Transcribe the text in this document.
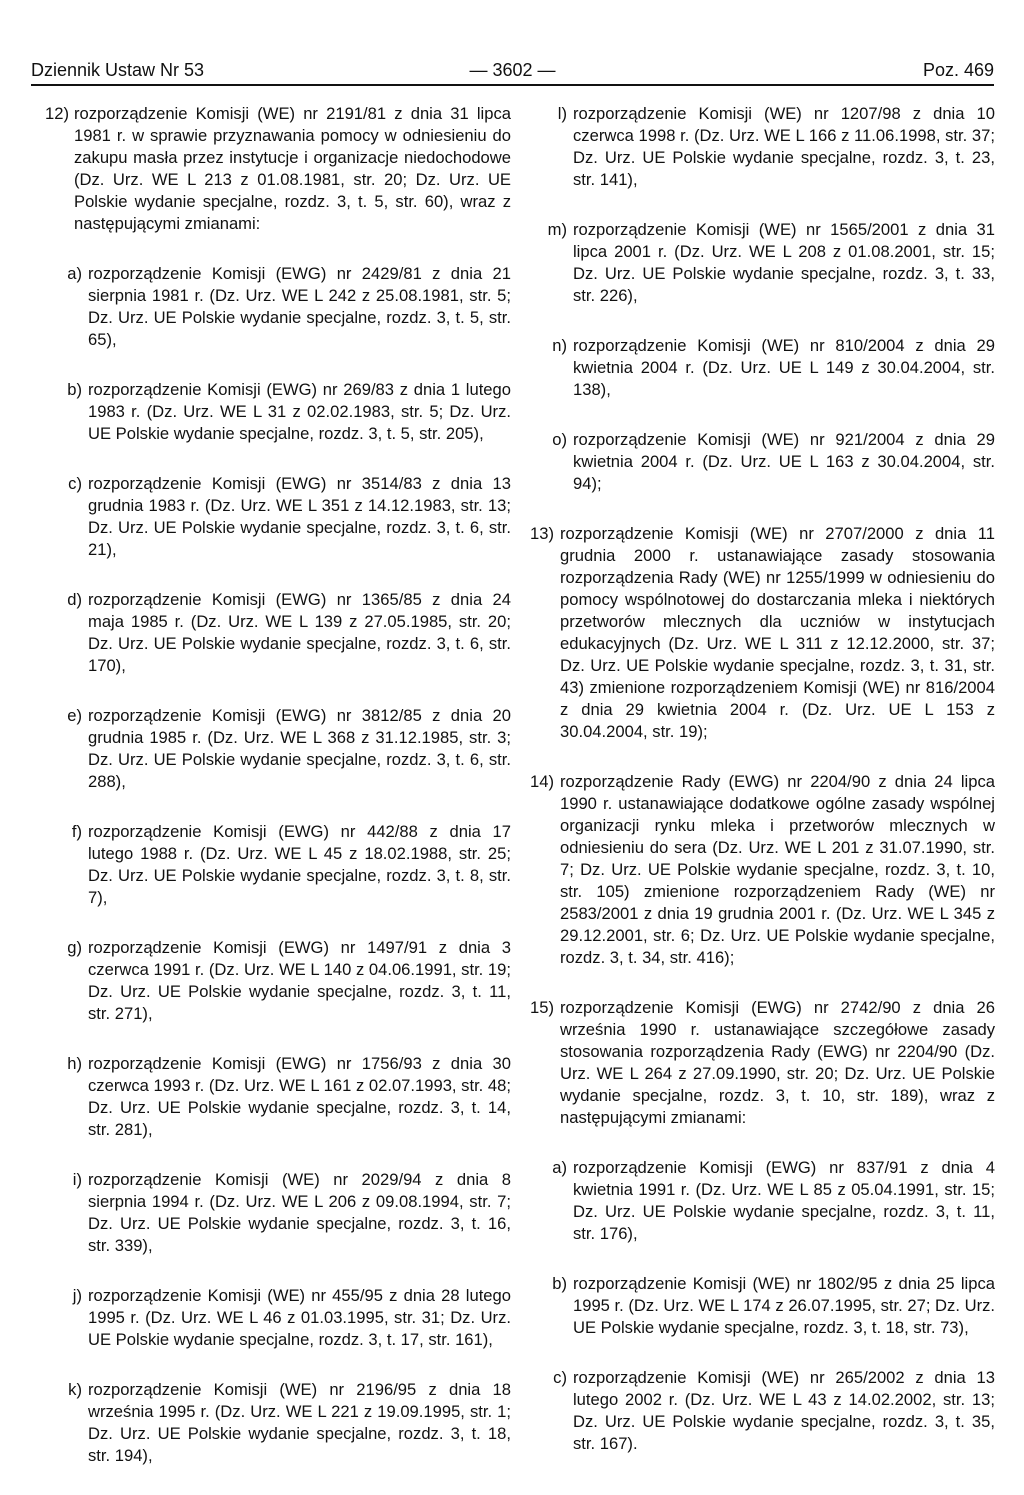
Dziennik Ustaw Nr 53	— 3602 —	Poz. 469
12) rozporządzenie Komisji (WE) nr 2191/81 z dnia 31 lipca 1981 r. w sprawie przyznawania pomocy w odniesieniu do zakupu masła przez instytucje i organizacje niedochodowe (Dz. Urz. WE L 213 z 01.08.1981, str. 20; Dz. Urz. UE Polskie wydanie specjalne, rozdz. 3, t. 5, str. 60), wraz z następującymi zmianami:
a) rozporządzenie Komisji (EWG) nr 2429/81 z dnia 21 sierpnia 1981 r. (Dz. Urz. WE L 242 z 25.08.1981, str. 5; Dz. Urz. UE Polskie wydanie specjalne, rozdz. 3, t. 5, str. 65),
b) rozporządzenie Komisji (EWG) nr 269/83 z dnia 1 lutego 1983 r. (Dz. Urz. WE L 31 z 02.02.1983, str. 5; Dz. Urz. UE Polskie wydanie specjalne, rozdz. 3, t. 5, str. 205),
c) rozporządzenie Komisji (EWG) nr 3514/83 z dnia 13 grudnia 1983 r. (Dz. Urz. WE L 351 z 14.12.1983, str. 13; Dz. Urz. UE Polskie wydanie specjalne, rozdz. 3, t. 6, str. 21),
d) rozporządzenie Komisji (EWG) nr 1365/85 z dnia 24 maja 1985 r. (Dz. Urz. WE L 139 z 27.05.1985, str. 20; Dz. Urz. UE Polskie wydanie specjalne, rozdz. 3, t. 6, str. 170),
e) rozporządzenie Komisji (EWG) nr 3812/85 z dnia 20 grudnia 1985 r. (Dz. Urz. WE L 368 z 31.12.1985, str. 3; Dz. Urz. UE Polskie wydanie specjalne, rozdz. 3, t. 6, str. 288),
f) rozporządzenie Komisji (EWG) nr 442/88 z dnia 17 lutego 1988 r. (Dz. Urz. WE L 45 z 18.02.1988, str. 25; Dz. Urz. UE Polskie wydanie specjalne, rozdz. 3, t. 8, str. 7),
g) rozporządzenie Komisji (EWG) nr 1497/91 z dnia 3 czerwca 1991 r. (Dz. Urz. WE L 140 z 04.06.1991, str. 19; Dz. Urz. UE Polskie wydanie specjalne, rozdz. 3, t. 11, str. 271),
h) rozporządzenie Komisji (EWG) nr 1756/93 z dnia 30 czerwca 1993 r. (Dz. Urz. WE L 161 z 02.07.1993, str. 48; Dz. Urz. UE Polskie wydanie specjalne, rozdz. 3, t. 14, str. 281),
i) rozporządzenie Komisji (WE) nr 2029/94 z dnia 8 sierpnia 1994 r. (Dz. Urz. WE L 206 z 09.08.1994, str. 7; Dz. Urz. UE Polskie wydanie specjalne, rozdz. 3, t. 16, str. 339),
j) rozporządzenie Komisji (WE) nr 455/95 z dnia 28 lutego 1995 r. (Dz. Urz. WE L 46 z 01.03.1995, str. 31; Dz. Urz. UE Polskie wydanie specjalne, rozdz. 3, t. 17, str. 161),
k) rozporządzenie Komisji (WE) nr 2196/95 z dnia 18 września 1995 r. (Dz. Urz. WE L 221 z 19.09.1995, str. 1; Dz. Urz. UE Polskie wydanie specjalne, rozdz. 3, t. 18, str. 194),
l) rozporządzenie Komisji (WE) nr 1207/98 z dnia 10 czerwca 1998 r. (Dz. Urz. WE L 166 z 11.06.1998, str. 37; Dz. Urz. UE Polskie wydanie specjalne, rozdz. 3, t. 23, str. 141),
m) rozporządzenie Komisji (WE) nr 1565/2001 z dnia 31 lipca 2001 r. (Dz. Urz. WE L 208 z 01.08.2001, str. 15; Dz. Urz. UE Polskie wydanie specjalne, rozdz. 3, t. 33, str. 226),
n) rozporządzenie Komisji (WE) nr 810/2004 z dnia 29 kwietnia 2004 r. (Dz. Urz. UE L 149 z 30.04.2004, str. 138),
o) rozporządzenie Komisji (WE) nr 921/2004 z dnia 29 kwietnia 2004 r. (Dz. Urz. UE L 163 z 30.04.2004, str. 94);
13) rozporządzenie Komisji (WE) nr 2707/2000 z dnia 11 grudnia 2000 r. ustanawiające zasady stosowania rozporządzenia Rady (WE) nr 1255/1999 w odniesieniu do pomocy wspólnotowej do dostarczania mleka i niektórych przetworów mlecznych dla uczniów w instytucjach edukacyjnych (Dz. Urz. WE L 311 z 12.12.2000, str. 37; Dz. Urz. UE Polskie wydanie specjalne, rozdz. 3, t. 31, str. 43) zmienione rozporządzeniem Komisji (WE) nr 816/2004 z dnia 29 kwietnia 2004 r. (Dz. Urz. UE L 153 z 30.04.2004, str. 19);
14) rozporządzenie Rady (EWG) nr 2204/90 z dnia 24 lipca 1990 r. ustanawiające dodatkowe ogólne zasady wspólnej organizacji rynku mleka i przetworów mlecznych w odniesieniu do sera (Dz. Urz. WE L 201 z 31.07.1990, str. 7; Dz. Urz. UE Polskie wydanie specjalne, rozdz. 3, t. 10, str. 105) zmienione rozporządzeniem Rady (WE) nr 2583/2001 z dnia 19 grudnia 2001 r. (Dz. Urz. WE L 345 z 29.12.2001, str. 6; Dz. Urz. UE Polskie wydanie specjalne, rozdz. 3, t. 34, str. 416);
15) rozporządzenie Komisji (EWG) nr 2742/90 z dnia 26 września 1990 r. ustanawiające szczegółowe zasady stosowania rozporządzenia Rady (EWG) nr 2204/90 (Dz. Urz. WE L 264 z 27.09.1990, str. 20; Dz. Urz. UE Polskie wydanie specjalne, rozdz. 3, t. 10, str. 189), wraz z następującymi zmianami:
a) rozporządzenie Komisji (EWG) nr 837/91 z dnia 4 kwietnia 1991 r. (Dz. Urz. WE L 85 z 05.04.1991, str. 15; Dz. Urz. UE Polskie wydanie specjalne, rozdz. 3, t. 11, str. 176),
b) rozporządzenie Komisji (WE) nr 1802/95 z dnia 25 lipca 1995 r. (Dz. Urz. WE L 174 z 26.07.1995, str. 27; Dz. Urz. UE Polskie wydanie specjalne, rozdz. 3, t. 18, str. 73),
c) rozporządzenie Komisji (WE) nr 265/2002 z dnia 13 lutego 2002 r. (Dz. Urz. WE L 43 z 14.02.2002, str. 13; Dz. Urz. UE Polskie wydanie specjalne, rozdz. 3, t. 35, str. 167).
